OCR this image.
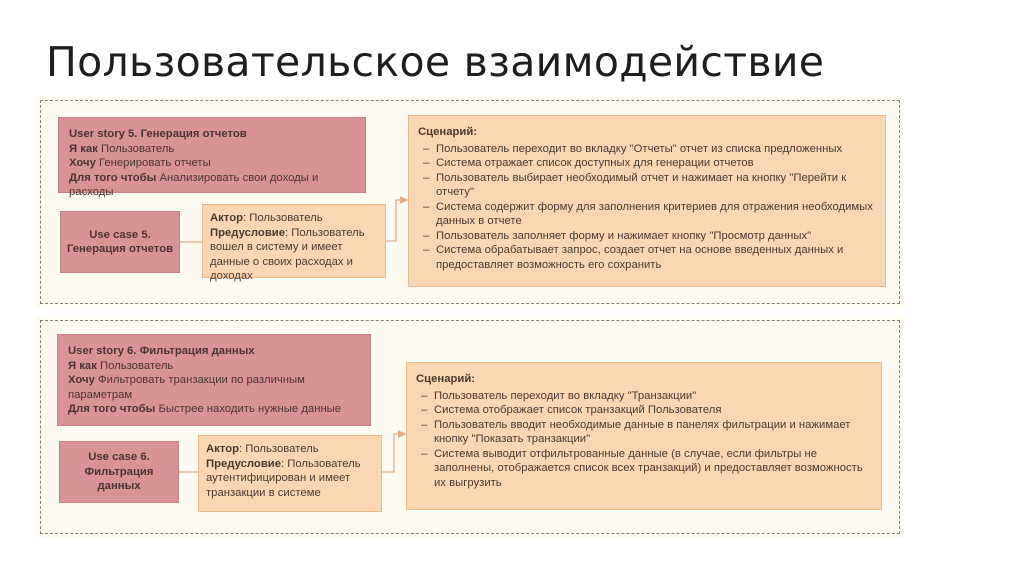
Пользовательское взаимодействие
User story 5. Генерация отчетов
Я как Пользователь
Хочу Генерировать отчеты
Для того чтобы Анализировать свои доходы и расходы
Use case 5.
Генерация отчетов
Актор: Пользователь
Предусловие: Пользователь вошел в систему и имеет данные о своих расходах и доходах
Сценарий:
– Пользователь переходит во вкладку "Отчеты" отчет из списка предложенных
– Система отражает список доступных для генерации отчетов
– Пользователь выбирает необходимый отчет и нажимает на кнопку "Перейти к отчету"
– Система содержит форму для заполнения критериев для отражения необходимых данных в отчете
– Пользователь заполняет форму и нажимает кнопку "Просмотр данных"
– Система обрабатывает запрос, создает отчет на основе введенных данных и предоставляет возможность его сохранить
User story 6. Фильтрация данных
Я как Пользователь
Хочу Фильтровать транзакции по различным параметрам
Для того чтобы Быстрее находить нужные данные
Use case 6.
Фильтрация данных
Актор: Пользователь
Предусловие: Пользователь аутентифицирован и имеет транзакции в системе
Сценарий:
– Пользователь переходит во вкладку "Транзакции"
– Система отображает список транзакций Пользователя
– Пользователь вводит необходимые данные в панелях фильтрации и нажимает кнопку "Показать транзакции"
– Система выводит отфильтрованные данные (в случае, если фильтры не заполнены, отображается список всех транзакций) и предоставляет возможность их выгрузить
